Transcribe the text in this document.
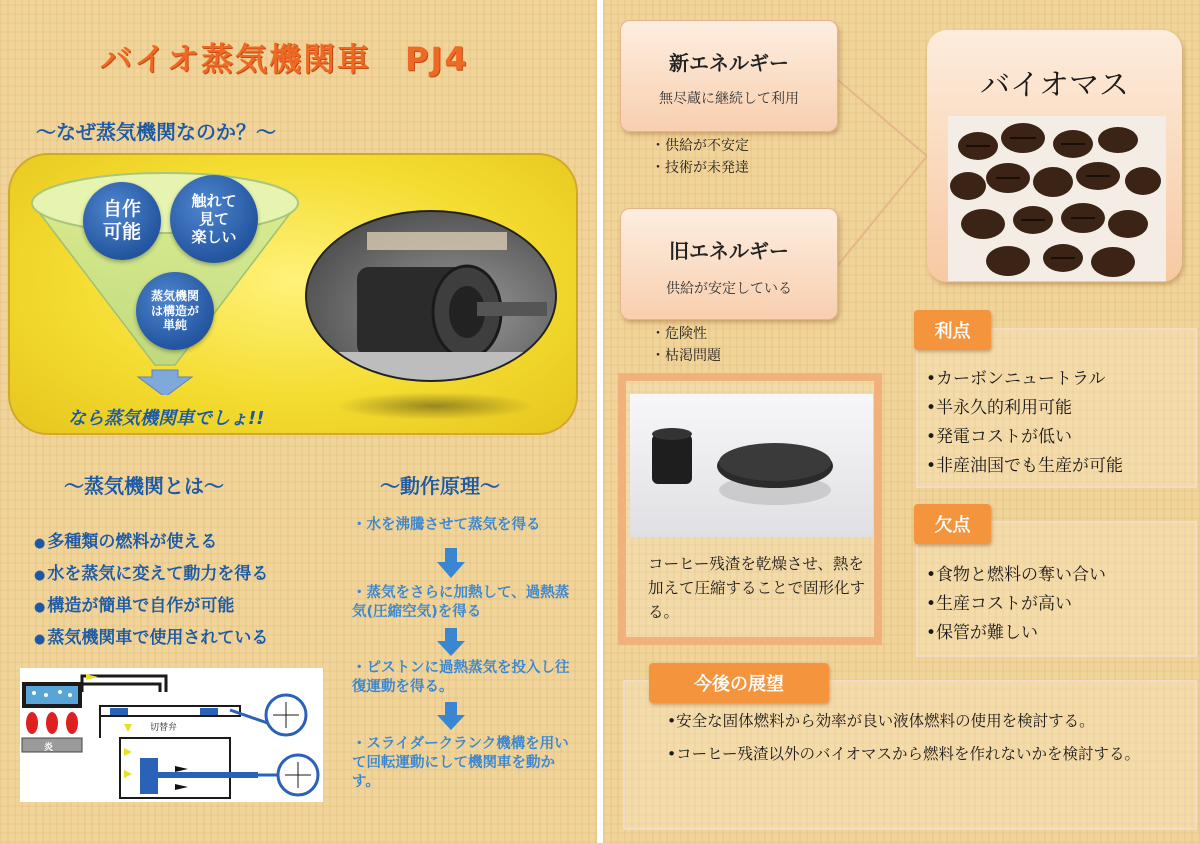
バイオ蒸気機関車　PJ4
～なぜ蒸気機関なのか？～
自作
可能
触れて
見て
楽しい
蒸気機関
は構造が
単純
なら蒸気機関車でしょ!!
～蒸気機関とは～
● 多種類の燃料が使える
● 水を蒸気に変えて動力を得る
● 構造が簡単で自作が可能
● 蒸気機関車で使用されている
～動作原理～
・水を沸騰させて蒸気を得る
・蒸気をさらに加熱して、過熱蒸気(圧縮空気)を得る
・ピストンに過熱蒸気を投入し往復運動を得る。
・スライダークランク機構を用いて回転運動にして機関車を動かす。
炎
切替弁
新エネルギー
無尽蔵に継続して利用
・供給が不安定
・技術が未発達
旧エネルギー
供給が安定している
・危険性
・枯渇問題
バイオマス
•カーボンニュートラル
•半永久的利用可能
•発電コストが低い
•非産油国でも生産が可能
利点
•食物と燃料の奪い合い
•生産コストが高い
•保管が難しい
欠点
コーヒー残渣を乾燥させ、熱を加えて圧縮することで固形化する。
今後の展望
•安全な固体燃料から効率が良い液体燃料の使用を検討する。
•コーヒー残渣以外のバイオマスから燃料を作れないかを検討する。
